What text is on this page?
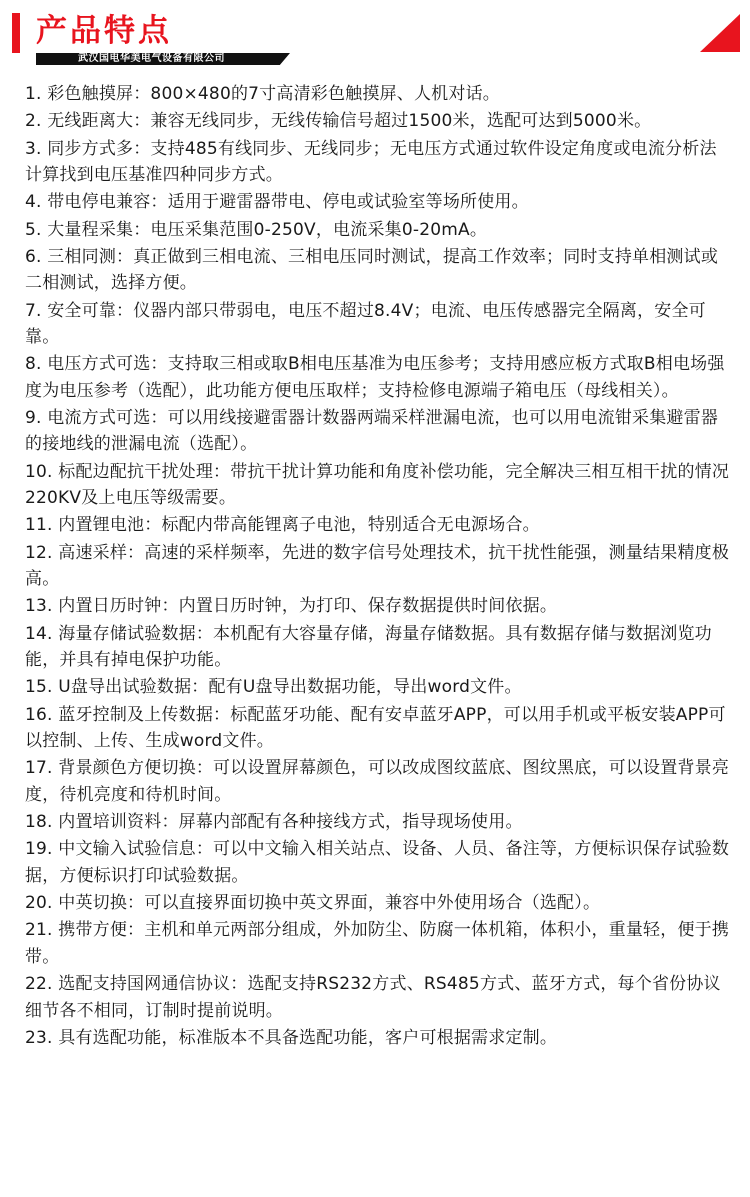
产品特点
武汉国电华美电气设备有限公司
1. 彩色触摸屏：800×480的7寸高清彩色触摸屏、人机对话。
2. 无线距离大：兼容无线同步，无线传输信号超过1500米，选配可达到5000米。
3. 同步方式多：支持485有线同步、无线同步；无电压方式通过软件设定角度或电流分析法计算找到电压基准四种同步方式。
4. 带电停电兼容：适用于避雷器带电、停电或试验室等场所使用。
5. 大量程采集：电压采集范围0-250V，电流采集0-20mA。
6. 三相同测：真正做到三相电流、三相电压同时测试，提高工作效率；同时支持单相测试或二相测试，选择方便。
7. 安全可靠：仪器内部只带弱电，电压不超过8.4V；电流、电压传感器完全隔离，安全可靠。
8. 电压方式可选：支持取三相或取B相电压基准为电压参考；支持用感应板方式取B相电场强度为电压参考（选配），此功能方便电压取样；支持检修电源端子箱电压（母线相关）。
9. 电流方式可选：可以用线接避雷器计数器两端采样泄漏电流，也可以用电流钳采集避雷器的接地线的泄漏电流（选配）。
10. 标配边配抗干扰处理：带抗干扰计算功能和角度补偿功能，完全解决三相互相干扰的情况220KV及上电压等级需要。
11. 内置锂电池：标配内带高能锂离子电池，特别适合无电源场合。
12. 高速采样：高速的采样频率，先进的数字信号处理技术，抗干扰性能强，测量结果精度极高。
13. 内置日历时钟：内置日历时钟，为打印、保存数据提供时间依据。
14. 海量存储试验数据：本机配有大容量存储，海量存储数据。具有数据存储与数据浏览功能，并具有掉电保护功能。
15. U盘导出试验数据：配有U盘导出数据功能，导出word文件。
16. 蓝牙控制及上传数据：标配蓝牙功能、配有安卓蓝牙APP，可以用手机或平板安装APP可以控制、上传、生成word文件。
17. 背景颜色方便切换：可以设置屏幕颜色，可以改成图纹蓝底、图纹黑底，可以设置背景亮度，待机亮度和待机时间。
18. 内置培训资料：屏幕内部配有各种接线方式，指导现场使用。
19. 中文输入试验信息：可以中文输入相关站点、设备、人员、备注等，方便标识保存试验数据，方便标识打印试验数据。
20. 中英切换：可以直接界面切换中英文界面，兼容中外使用场合（选配）。
21. 携带方便：主机和单元两部分组成，外加防尘、防腐一体机箱，体积小，重量轻，便于携带。
22. 选配支持国网通信协议：选配支持RS232方式、RS485方式、蓝牙方式，每个省份协议细节各不相同，订制时提前说明。
23. 具有选配功能，标准版本不具备选配功能，客户可根据需求定制。
